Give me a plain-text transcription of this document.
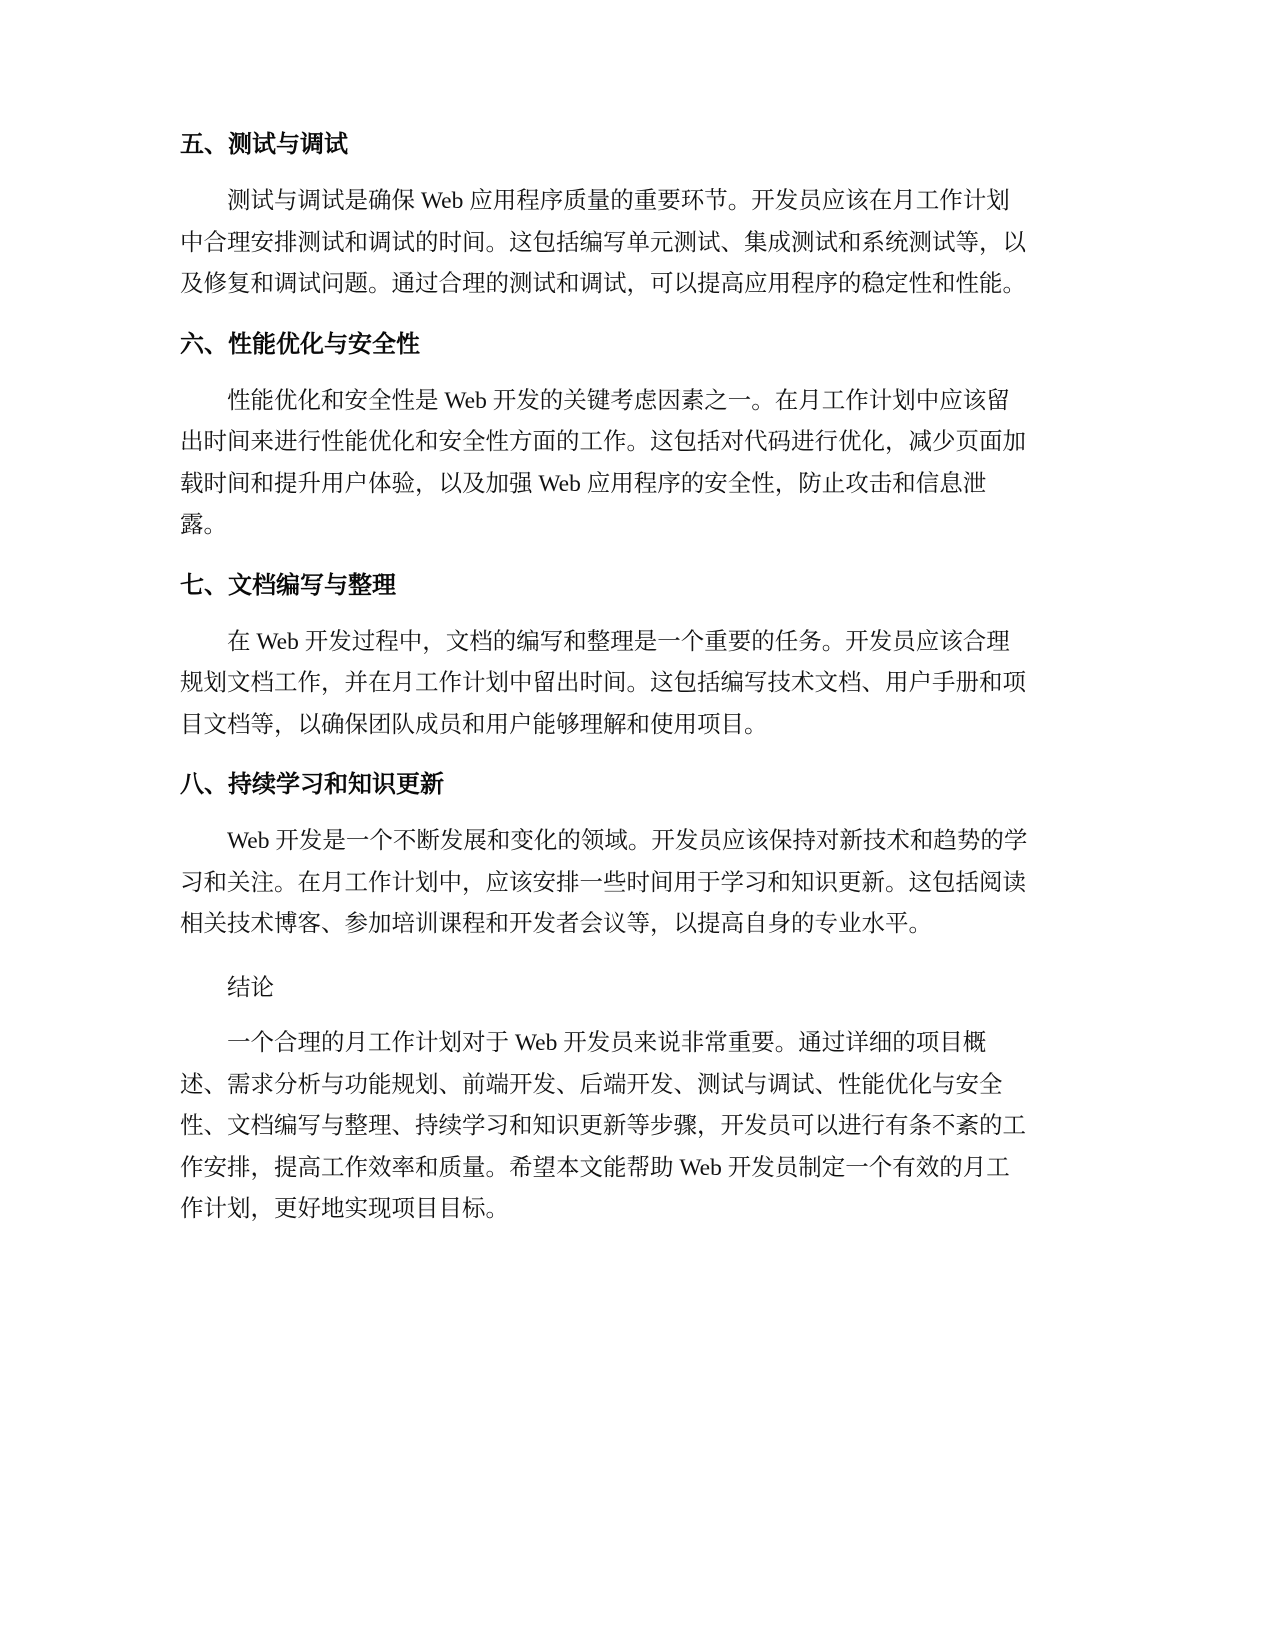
五、测试与调试
测试与调试是确保 Web 应用程序质量的重要环节。开发员应该在月工作计划
中合理安排测试和调试的时间。这包括编写单元测试、集成测试和系统测试等，以
及修复和调试问题。通过合理的测试和调试，可以提高应用程序的稳定性和性能。
六、性能优化与安全性
性能优化和安全性是 Web 开发的关键考虑因素之一。在月工作计划中应该留
出时间来进行性能优化和安全性方面的工作。这包括对代码进行优化，减少页面加
载时间和提升用户体验，以及加强 Web 应用程序的安全性，防止攻击和信息泄
露。
七、文档编写与整理
在 Web 开发过程中，文档的编写和整理是一个重要的任务。开发员应该合理
规划文档工作，并在月工作计划中留出时间。这包括编写技术文档、用户手册和项
目文档等，以确保团队成员和用户能够理解和使用项目。
八、持续学习和知识更新
Web 开发是一个不断发展和变化的领域。开发员应该保持对新技术和趋势的学
习和关注。在月工作计划中，应该安排一些时间用于学习和知识更新。这包括阅读
相关技术博客、参加培训课程和开发者会议等，以提高自身的专业水平。
结论
一个合理的月工作计划对于 Web 开发员来说非常重要。通过详细的项目概
述、需求分析与功能规划、前端开发、后端开发、测试与调试、性能优化与安全
性、文档编写与整理、持续学习和知识更新等步骤，开发员可以进行有条不紊的工
作安排，提高工作效率和质量。希望本文能帮助 Web 开发员制定一个有效的月工
作计划，更好地实现项目目标。
